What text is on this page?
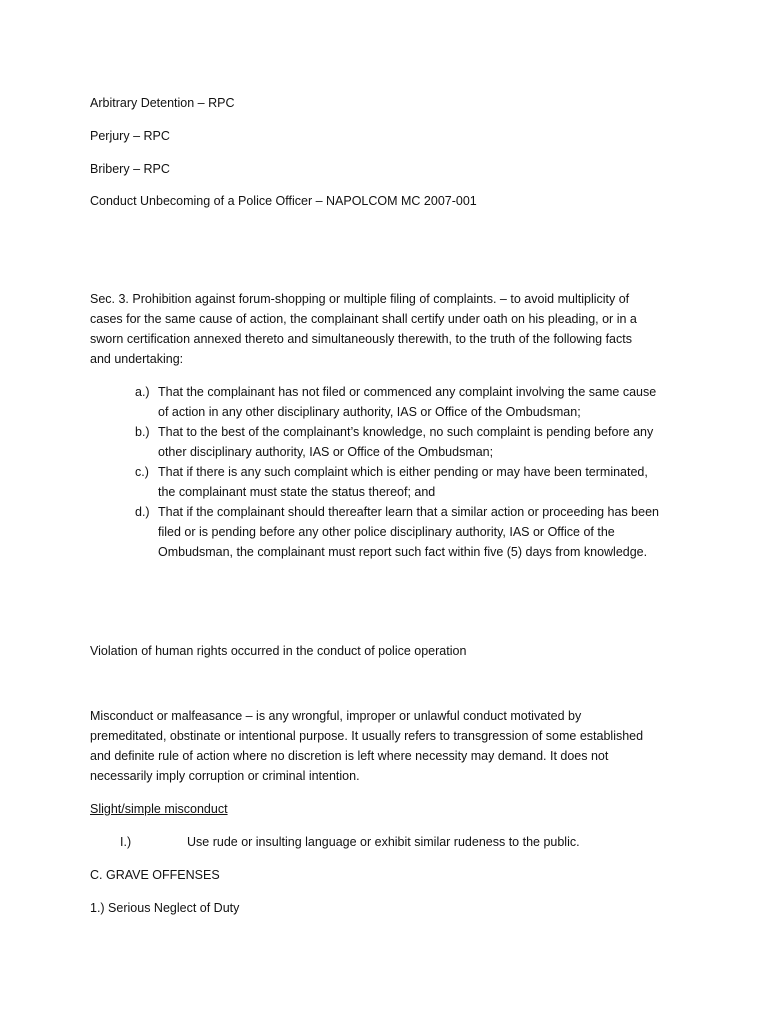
Arbitrary Detention – RPC
Perjury – RPC
Bribery – RPC
Conduct Unbecoming of a Police Officer – NAPOLCOM MC 2007-001

Sec. 3. Prohibition against forum-shopping or multiple filing of complaints. – to avoid multiplicity of

cases for the same cause of action, the complainant shall certify under oath on his pleading, or in a

sworn certification annexed thereto and simultaneously therewith, to the truth of the following facts

and undertaking:

a.) That the complainant has not filed or commenced any complaint involving the same cause

of action in any other disciplinary authority, IAS or Office of the Ombudsman;

b.) That to the best of the complainant’s knowledge, no such complaint is pending before any

other disciplinary authority, IAS or Office of the Ombudsman;

c.) That if there is any such complaint which is either pending or may have been terminated,

the complainant must state the status thereof; and

d.) That if the complainant should thereafter learn that a similar action or proceeding has been

filed or is pending before any other police disciplinary authority, IAS or Office of the

Ombudsman, the complainant must report such fact within five (5) days from knowledge.

Violation of human rights occurred in the conduct of police operation

Misconduct or malfeasance – is any wrongful, improper or unlawful conduct motivated by

premeditated, obstinate or intentional purpose. It usually refers to transgression of some established

and definite rule of action where no discretion is left where necessity may demand. It does not

necessarily imply corruption or criminal intention.

Slight/simple misconduct
I.)	Use rude or insulting language or exhibit similar rudeness to the public.
C. GRAVE OFFENSES
1.) Serious Neglect of Duty
